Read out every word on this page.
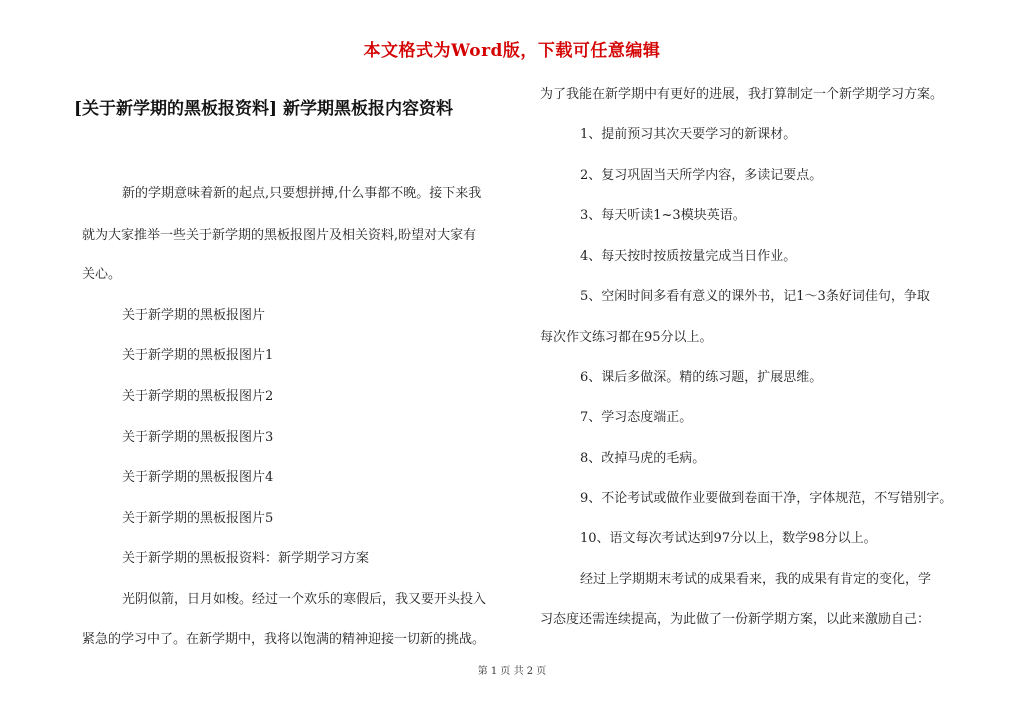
本文格式为Word版，下载可任意编辑
[关于新学期的黑板报资料] 新学期黑板报内容资料
新的学期意味着新的起点,只要想拼搏,什么事都不晚。接下来我
就为大家推举一些关于新学期的黑板报图片及相关资料,盼望对大家有
关心。
关于新学期的黑板报图片
关于新学期的黑板报图片1
关于新学期的黑板报图片2
关于新学期的黑板报图片3
关于新学期的黑板报图片4
关于新学期的黑板报图片5
关于新学期的黑板报资料：新学期学习方案
光阴似箭，日月如梭。经过一个欢乐的寒假后，我又要开头投入
紧急的学习中了。在新学期中，我将以饱满的精神迎接一切新的挑战。
为了我能在新学期中有更好的进展，我打算制定一个新学期学习方案。
1、提前预习其次天要学习的新课材。
2、复习巩固当天所学内容，多读记要点。
3、每天听读1~3模块英语。
4、每天按时按质按量完成当日作业。
5、空闲时间多看有意义的课外书，记1～3条好词佳句，争取
每次作文练习都在95分以上。
6、课后多做深。精的练习题，扩展思维。
7、学习态度端正。
8、改掉马虎的毛病。
9、不论考试或做作业要做到卷面干净，字体规范，不写错别字。
10、语文每次考试达到97分以上，数学98分以上。
经过上学期期末考试的成果看来，我的成果有肯定的变化，学
习态度还需连续提高，为此做了一份新学期方案，以此来激励自己：
第 1 页 共 2 页
